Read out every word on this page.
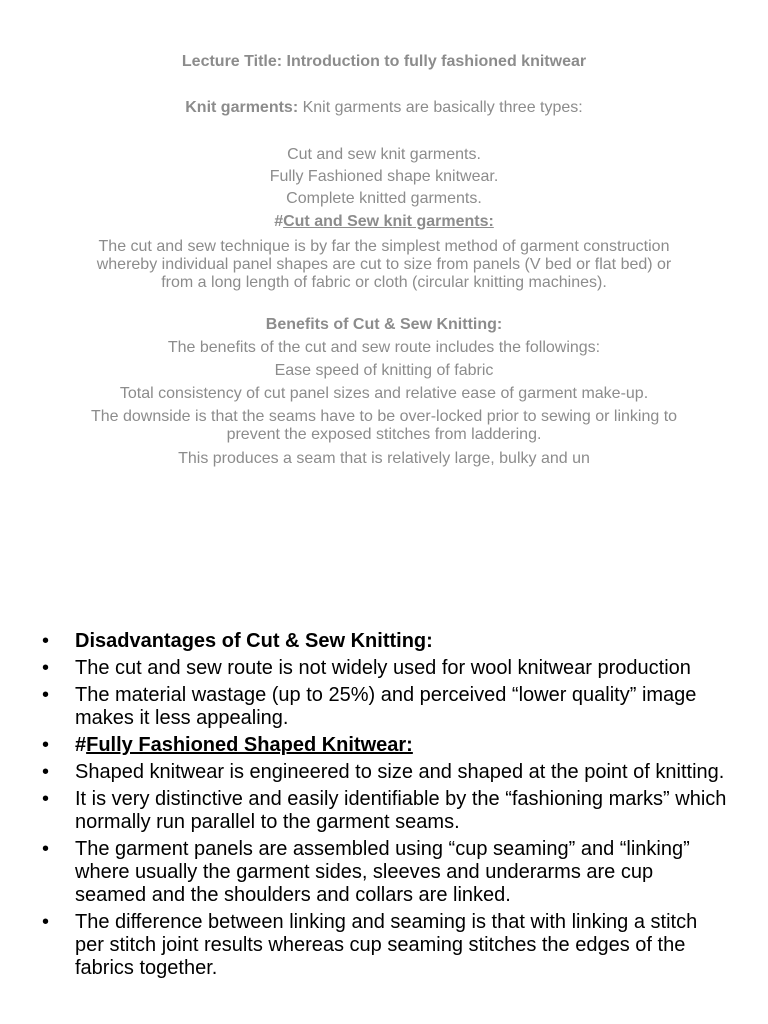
Lecture Title: Introduction to fully fashioned knitwear
Knit garments: Knit garments are basically three types:
Cut and sew knit garments.
Fully Fashioned shape knitwear.
Complete knitted garments.
#Cut and Sew knit garments:
The cut and sew technique is by far the simplest method of garment construction whereby individual panel shapes are cut to size from panels (V bed or flat bed) or from a long length of fabric or cloth (circular knitting machines).
Benefits of Cut & Sew Knitting:
The benefits of the cut and sew route includes the followings:
Ease speed of knitting of fabric
Total consistency of cut panel sizes and relative ease of garment make-up.
The downside is that the seams have to be over-locked prior to sewing or linking to prevent the exposed stitches from laddering.
This produces a seam that is relatively large, bulky and un
• Disadvantages of Cut & Sew Knitting:
• The cut and sew route is not widely used for wool knitwear production
• The material wastage (up to 25%) and perceived “lower quality” image makes it less appealing.
• #Fully Fashioned Shaped Knitwear:
• Shaped knitwear is engineered to size and shaped at the point of knitting.
• It is very distinctive and easily identifiable by the “fashioning marks” which normally run parallel to the garment seams.
• The garment panels are assembled using “cup seaming” and “linking” where usually the garment sides, sleeves and underarms are cup seamed and the shoulders and collars are linked.
• The difference between linking and seaming is that with linking a stitch per stitch joint results whereas cup seaming stitches the edges of the fabrics together.
